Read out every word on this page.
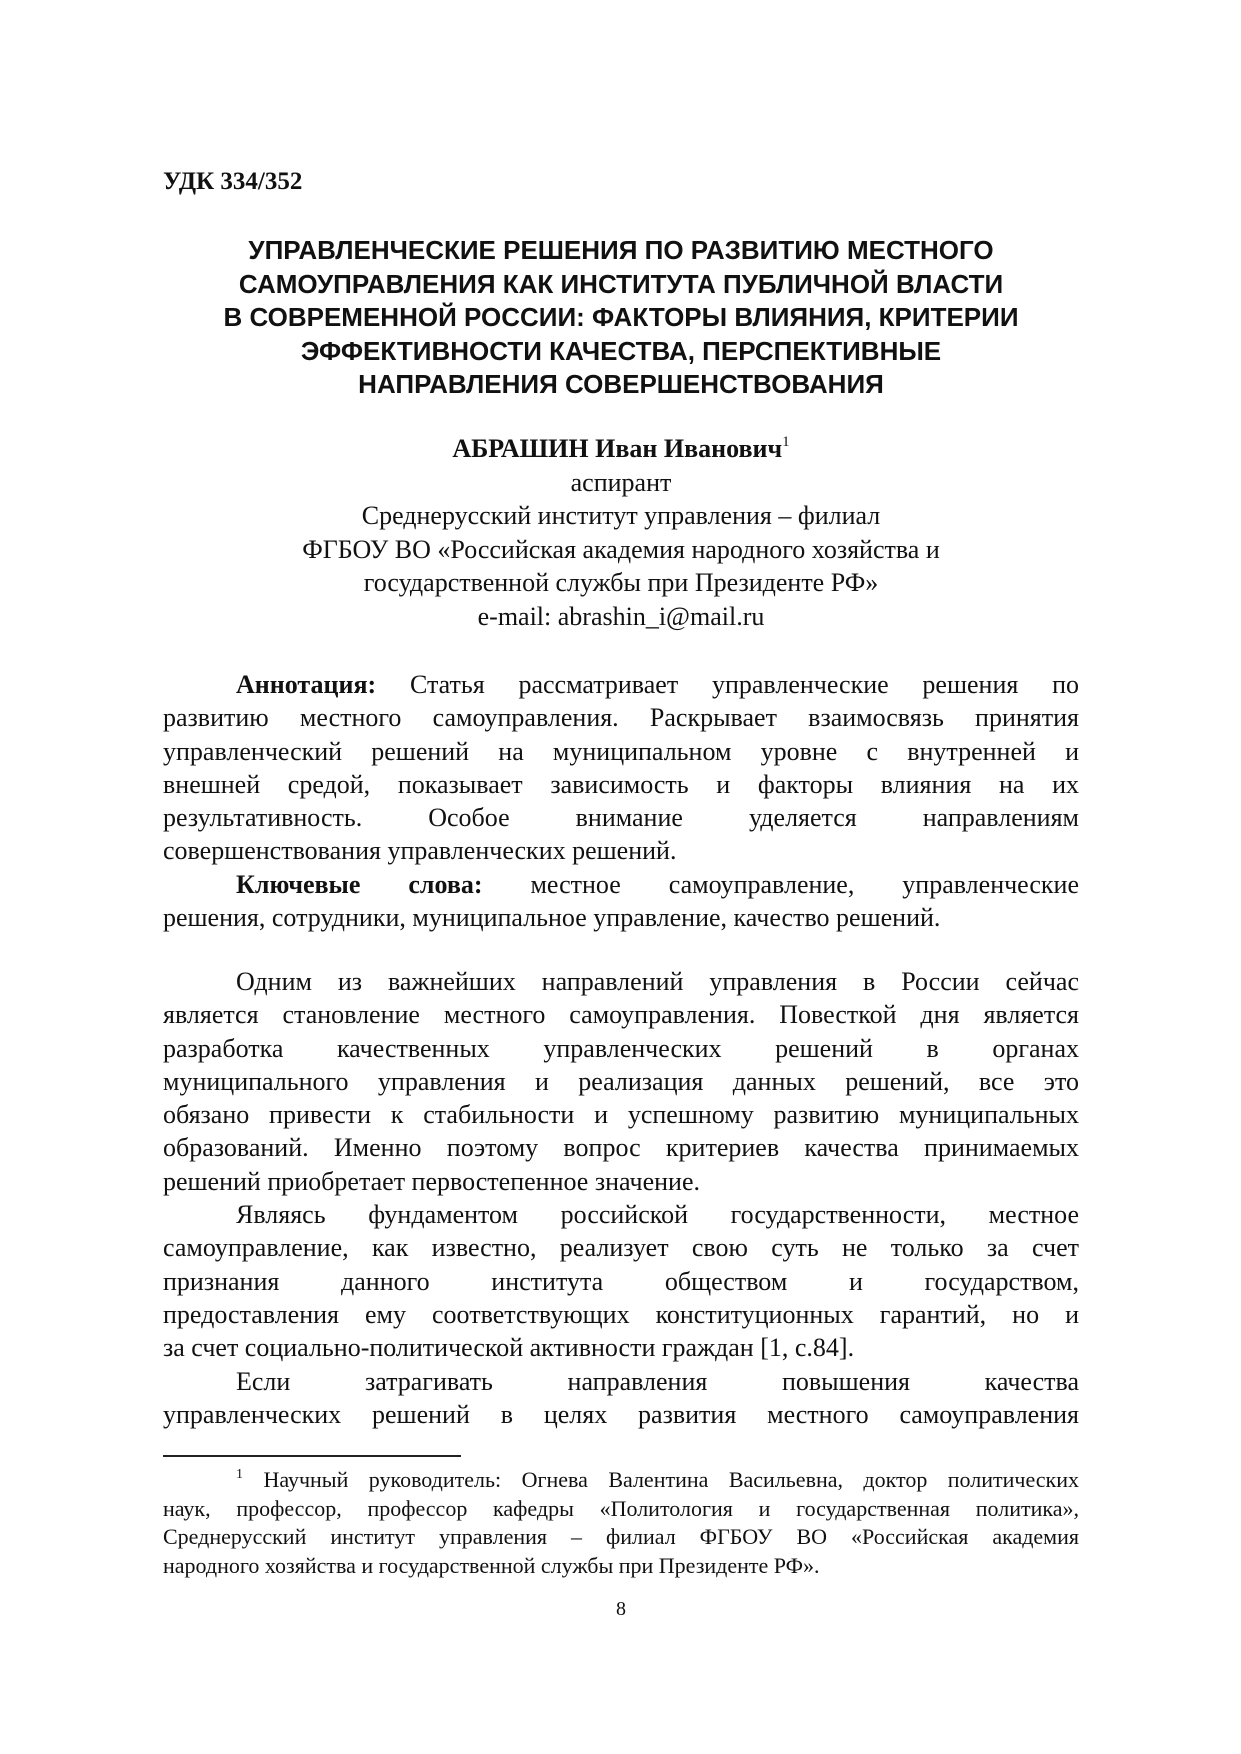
УДК 334/352
УПРАВЛЕНЧЕСКИЕ РЕШЕНИЯ ПО РАЗВИТИЮ МЕСТНОГО
САМОУПРАВЛЕНИЯ КАК ИНСТИТУТА ПУБЛИЧНОЙ ВЛАСТИ
В СОВРЕМЕННОЙ РОССИИ: ФАКТОРЫ ВЛИЯНИЯ, КРИТЕРИИ
ЭФФЕКТИВНОСТИ КАЧЕСТВА, ПЕРСПЕКТИВНЫЕ
НАПРАВЛЕНИЯ СОВЕРШЕНСТВОВАНИЯ
АБРАШИН Иван Иванович$^1$
аспирант
Среднерусский институт управления – филиал
ФГБОУ ВО «Российская академия народного хозяйства и
государственной службы при Президенте РФ»
e-mail: abrashin_i@mail.ru
Аннотация: Статья рассматривает управленческие решения по
развитию местного самоуправления. Раскрывает взаимосвязь принятия
управленческий решений на муниципальном уровне с внутренней и
внешней средой, показывает зависимость и факторы влияния на их
результативность. Особое внимание уделяется направлениям
совершенствования управленческих решений.
Ключевые слова: местное самоуправление, управленческие
решения, сотрудники, муниципальное управление, качество решений.
Одним из важнейших направлений управления в России сейчас
является становление местного самоуправления. Повесткой дня является
разработка качественных управленческих решений в органах
муниципального управления и реализация данных решений, все это
обязано привести к стабильности и успешному развитию муниципальных
образований. Именно поэтому вопрос критериев качества принимаемых
решений приобретает первостепенное значение.
Являясь фундаментом российской государственности, местное
самоуправление, как известно, реализует свою суть не только за счет
признания данного института обществом и государством,
предоставления ему соответствующих конституционных гарантий, но и
за счет социально-политической активности граждан [1, с.84].
Если затрагивать направления повышения качества
управленческих решений в целях развития местного самоуправления
$^1$ Научный руководитель: Огнева Валентина Васильевна, доктор политических
наук, профессор, профессор кафедры «Политология и государственная политика»,
Среднерусский институт управления – филиал ФГБОУ ВО «Российская академия
народного хозяйства и государственной службы при Президенте РФ».
8
